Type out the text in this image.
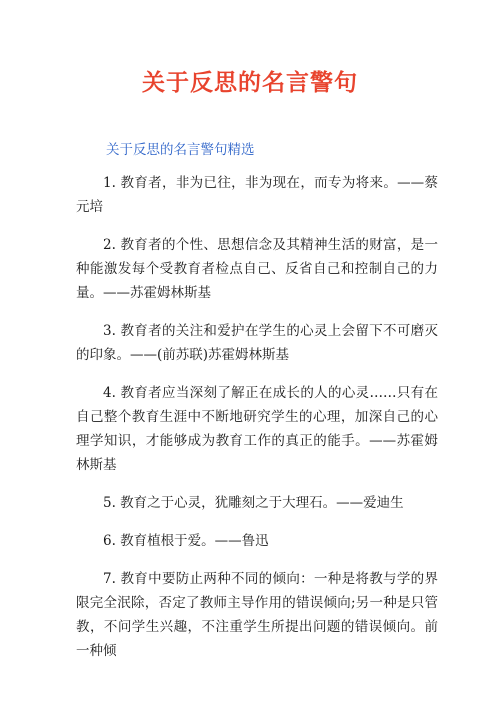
关于反思的名言警句

关于反思的名言警句精选

1. 教育者，非为已往，非为现在，而专为将来。——蔡元培

2. 教育者的个性、思想信念及其精神生活的财富，是一种能激发每个受教育者检点自己、反省自己和控制自己的力量。——苏霍姆林斯基

3. 教育者的关注和爱护在学生的心灵上会留下不可磨灭的印象。——(前苏联)苏霍姆林斯基

4. 教育者应当深刻了解正在成长的人的心灵……只有在自己整个教育生涯中不断地研究学生的心理，加深自己的心理学知识，才能够成为教育工作的真正的能手。——苏霍姆林斯基

5. 教育之于心灵，犹雕刻之于大理石。——爱迪生

6. 教育植根于爱。——鲁迅

7. 教育中要防止两种不同的倾向：一种是将教与学的界限完全泯除，否定了教师主导作用的错误倾向;另一种是只管教，不问学生兴趣，不注重学生所提出问题的错误倾向。前一种倾
